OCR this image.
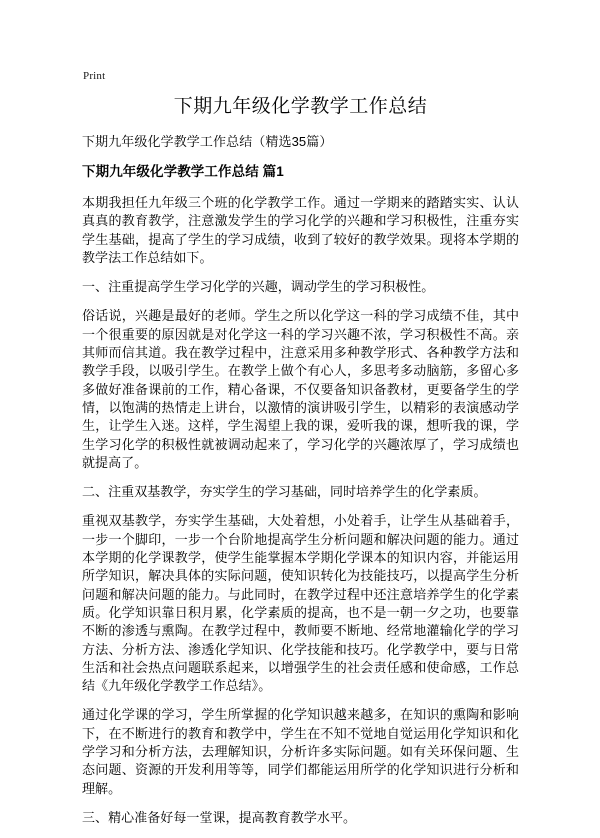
Print
下期九年级化学教学工作总结

下期九年级化学教学工作总结（精选35篇）

下期九年级化学教学工作总结 篇1

本期我担任九年级三个班的化学教学工作。通过一学期来的踏踏实实、认认真真的教育教学，注意激发学生的学习化学的兴趣和学习积极性，注重夯实学生基础，提高了学生的学习成绩，收到了较好的教学效果。现将本学期的教学法工作总结如下。

一、注重提高学生学习化学的兴趣，调动学生的学习积极性。

俗话说，兴趣是最好的老师。学生之所以化学这一科的学习成绩不佳，其中一个很重要的原因就是对化学这一科的学习兴趣不浓，学习积极性不高。亲其师而信其道。我在教学过程中，注意采用多种教学形式、各种教学方法和教学手段，以吸引学生。在教学上做个有心人，多思考多动脑筋，多留心多多做好准备课前的工作，精心备课，不仅要备知识备教材，更要备学生的学情，以饱满的热情走上讲台，以激情的演讲吸引学生，以精彩的表演感动学生，让学生入迷。这样，学生渴望上我的课，爱听我的课，想听我的课，学生学习化学的积极性就被调动起来了，学习化学的兴趣浓厚了，学习成绩也就提高了。

二、注重双基教学，夯实学生的学习基础，同时培养学生的化学素质。

重视双基教学，夯实学生基础，大处着想，小处着手，让学生从基础着手，一步一个脚印，一步一个台阶地提高学生分析问题和解决问题的能力。通过本学期的化学课教学，使学生能掌握本学期化学课本的知识内容，并能运用所学知识，解决具体的实际问题，使知识转化为技能技巧，以提高学生分析问题和解决问题的能力。与此同时，在教学过程中还注意培养学生的化学素质。化学知识靠日积月累，化学素质的提高，也不是一朝一夕之功，也要靠不断的渗透与熏陶。在教学过程中，教师要不断地、经常地灌输化学的学习方法、分析方法、渗透化学知识、化学技能和技巧。化学教学中，要与日常生活和社会热点问题联系起来，以增强学生的社会责任感和使命感，工作总结《九年级化学教学工作总结》。

通过化学课的学习，学生所掌握的化学知识越来越多，在知识的熏陶和影响下，在不断进行的教育和教学中，学生在不知不觉地自觉运用化学知识和化学学习和分析方法，去理解知识，分析许多实际问题。如有关环保问题、生态问题、资源的开发利用等等，同学们都能运用所学的化学知识进行分析和理解。

三、精心准备好每一堂课，提高教育教学水平。
